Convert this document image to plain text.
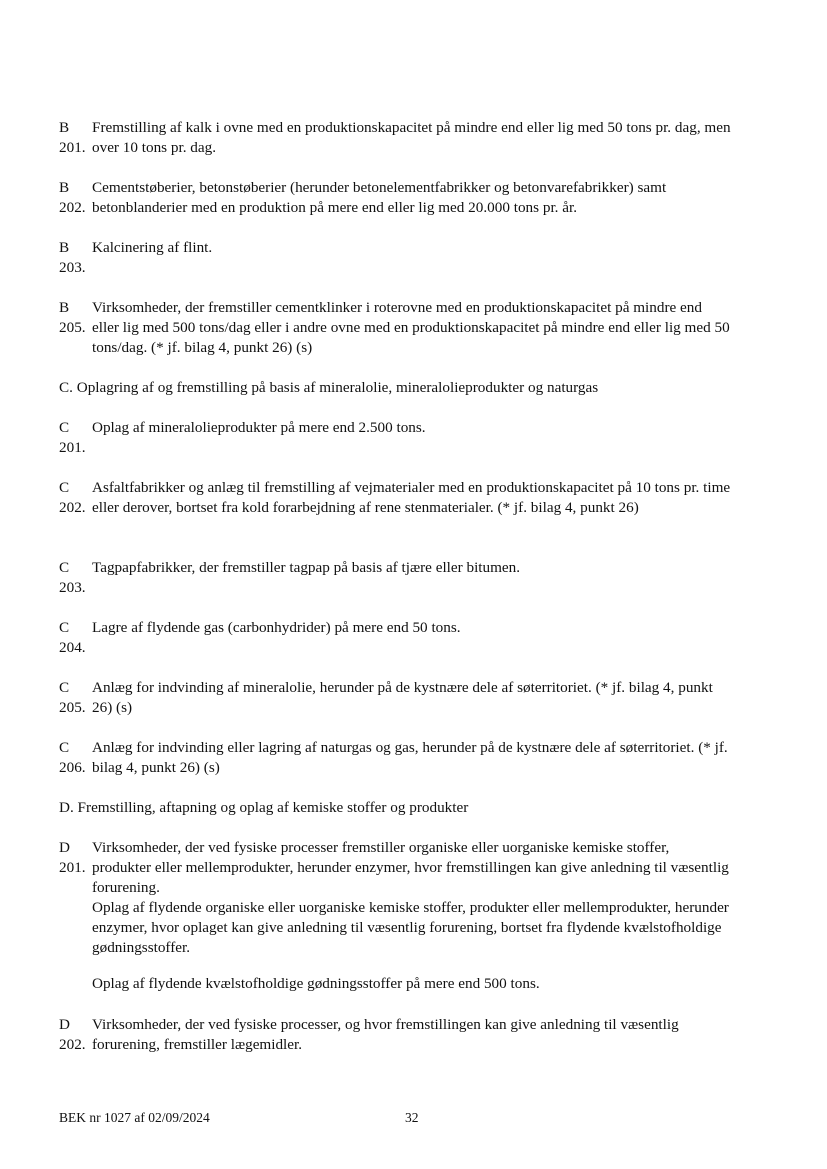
B
201.

Fremstilling af kalk i ovne med en produktionskapacitet på mindre end eller lig med 50 tons pr. dag, men over 10 tons pr. dag.

B
202.

Cementstøberier, betonstøberier (herunder betonelementfabrikker og betonvarefabrikker) samt betonblanderier med en produktion på mere end eller lig med 20.000 tons pr. år.

B
203.

Kalcinering af flint.

B
205.

Virksomheder, der fremstiller cementklinker i roterovne med en produktionskapacitet på mindre end eller lig med 500 tons/dag eller i andre ovne med en produktionskapacitet på mindre end eller lig med 50 tons/dag. (* jf. bilag 4, punkt 26) (s)

C. Oplagring af og fremstilling på basis af mineralolie, mineralolieprodukter og naturgas

C
201.

Oplag af mineralolieprodukter på mere end 2.500 tons.

C
202.

Asfaltfabrikker og anlæg til fremstilling af vejmaterialer med en produktionskapacitet på 10 tons pr. time eller derover, bortset fra kold forarbejdning af rene stenmaterialer. (* jf. bilag 4, punkt 26)

C
203.

Tagpapfabrikker, der fremstiller tagpap på basis af tjære eller bitumen.

C
204.

Lagre af flydende gas (carbonhydrider) på mere end 50 tons.

C
205.

Anlæg for indvinding af mineralolie, herunder på de kystnære dele af søterritoriet. (* jf. bilag 4, punkt 26) (s)

C
206.

Anlæg for indvinding eller lagring af naturgas og gas, herunder på de kystnære dele af søterritoriet. (* jf. bilag 4, punkt 26) (s)

D. Fremstilling, aftapning og oplag af kemiske stoffer og produkter

D
201.

Virksomheder, der ved fysiske processer fremstiller organiske eller uorganiske kemiske stoffer, produkter eller mellemprodukter, herunder enzymer, hvor fremstillingen kan give anledning til væsentlig forurening.

Oplag af flydende organiske eller uorganiske kemiske stoffer, produkter eller mellemprodukter, herunder enzymer, hvor oplaget kan give anledning til væsentlig forurening, bortset fra flydende kvælstofholdige gødningsstoffer.

Oplag af flydende kvælstofholdige gødningsstoffer på mere end 500 tons.

D
202.

Virksomheder, der ved fysiske processer, og hvor fremstillingen kan give anledning til væsentlig forurening, fremstiller lægemidler.

BEK nr 1027 af 02/09/2024	32
